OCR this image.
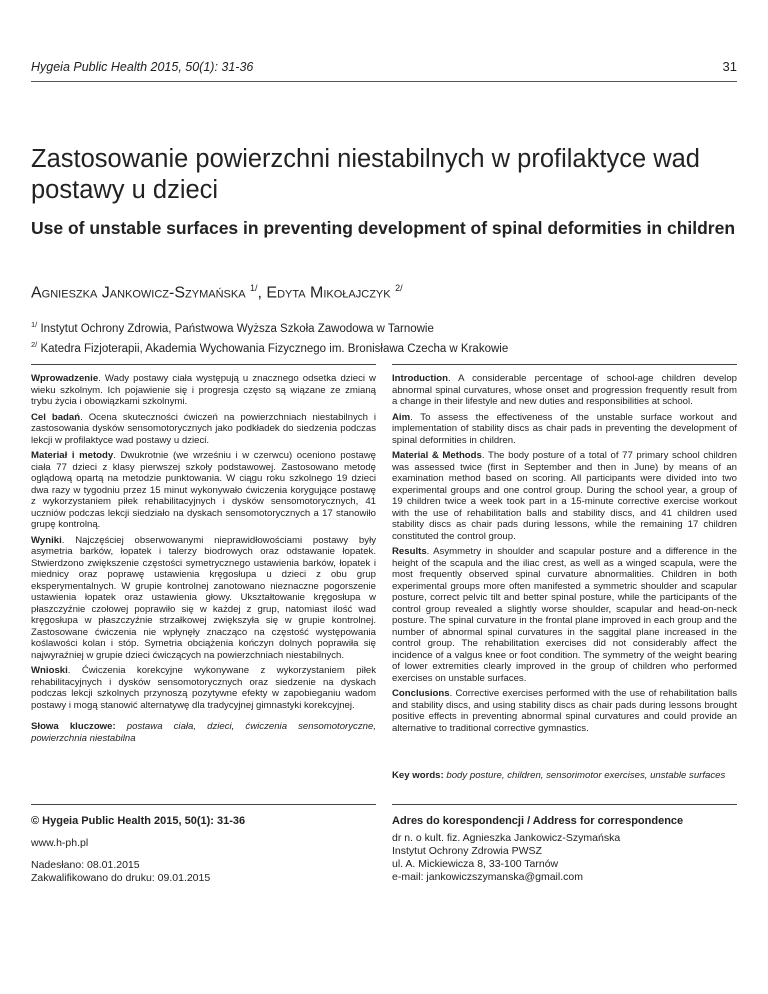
Hygeia Public Health 2015, 50(1): 31-36	31
Zastosowanie powierzchni niestabilnych w profilaktyce wad postawy u dzieci
Use of unstable surfaces in preventing development of spinal deformities in children
Agnieszka Jankowicz-Szymańska $^{1/}$, Edyta Mikołajczyk $^{2/}$
$^{1/}$ Instytut Ochrony Zdrowia, Państwowa Wyższa Szkoła Zawodowa w Tarnowie
$^{2/}$ Katedra Fizjoterapii, Akademia Wychowania Fizycznego im. Bronisława Czecha w Krakowie

Wprowadzenie. Wady postawy ciała występują u znacznego odsetka dzieci w wieku szkolnym. Ich pojawienie się i progresja często są wiązane ze zmianą trybu życia i obowiązkami szkolnymi.

Cel badań. Ocena skuteczności ćwiczeń na powierzchniach niestabilnych i zastosowania dysków sensomotorycznych jako podkładek do siedzenia podczas lekcji w profilaktyce wad postawy u dzieci.

Materiał i metody. Dwukrotnie (we wrześniu i w czerwcu) oceniono postawę ciała 77 dzieci z klasy pierwszej szkoły podstawowej. Zastosowano metodę oglądową opartą na metodzie punktowania. W ciągu roku szkolnego 19 dzieci dwa razy w tygodniu przez 15 minut wykonywało ćwiczenia korygujące postawę z wykorzystaniem piłek rehabilitacyjnych i dysków sensomotorycznych, 41 uczniów podczas lekcji siedziało na dyskach sensomotorycznych a 17 stanowiło grupę kontrolną.

Wyniki. Najczęściej obserwowanymi nieprawidłowościami postawy były asymetria barków, łopatek i talerzy biodrowych oraz odstawanie łopatek. Stwierdzono zwiększenie częstości symetrycznego ustawienia barków, łopatek i miednicy oraz poprawę ustawienia kręgosłupa u dzieci z obu grup eksperymentalnych. W grupie kontrolnej zanotowano nieznaczne pogorszenie ustawienia łopatek oraz ustawienia głowy. Ukształtowanie kręgosłupa w płaszczyźnie czołowej poprawiło się w każdej z grup, natomiast ilość wad kręgosłupa w płaszczyźnie strzałkowej zwiększyła się w grupie kontrolnej. Zastosowane ćwiczenia nie wpłynęły znacząco na częstość występowania koślawości kolan i stóp. Symetria obciążenia kończyn dolnych poprawiła się najwyraźniej w grupie dzieci ćwiczących na powierzchniach niestabilnych.

Wnioski. Ćwiczenia korekcyjne wykonywane z wykorzystaniem piłek rehabilitacyjnych i dysków sensomotorycznych oraz siedzenie na dyskach podczas lekcji szkolnych przynoszą pozytywne efekty w zapobieganiu wadom postawy i mogą stanowić alternatywę dla tradycyjnej gimnastyki korekcyjnej.

Słowa kluczowe: postawa ciała, dzieci, ćwiczenia sensomotoryczne, powierzchnia niestabilna

Introduction. A considerable percentage of school-age children develop abnormal spinal curvatures, whose onset and progression frequently result from a change in their lifestyle and new duties and responsibilities at school.

Aim. To assess the effectiveness of the unstable surface workout and implementation of stability discs as chair pads in preventing the development of spinal deformities in children.

Material & Methods. The body posture of a total of 77 primary school children was assessed twice (first in September and then in June) by means of an examination method based on scoring. All participants were divided into two experimental groups and one control group. During the school year, a group of 19 children twice a week took part in a 15-minute corrective exercise workout with the use of rehabilitation balls and stability discs, and 41 children used stability discs as chair pads during lessons, while the remaining 17 children constituted the control group.

Results. Asymmetry in shoulder and scapular posture and a difference in the height of the scapula and the iliac crest, as well as a winged scapula, were the most frequently observed spinal curvature abnormalities. Children in both experimental groups more often manifested a symmetric shoulder and scapular posture, correct pelvic tilt and better spinal posture, while the participants of the control group revealed a slightly worse shoulder, scapular and head-on-neck posture. The spinal curvature in the frontal plane improved in each group and the number of abnormal spinal curvatures in the saggital plane increased in the control group. The rehabilitation exercises did not considerably affect the incidence of a valgus knee or foot condition. The symmetry of the weight bearing of lower extremities clearly improved in the group of children who performed exercises on unstable surfaces.

Conclusions. Corrective exercises performed with the use of rehabilitation balls and stability discs, and using stability discs as chair pads during lessons brought positive effects in preventing abnormal spinal curvatures and could provide an alternative to traditional corrective gymnastics.

Key words: body posture, children, sensorimotor exercises, unstable surfaces
© Hygeia Public Health 2015, 50(1): 31-36
www.h-ph.pl
Nadesłano: 08.01.2015
Zakwalifikowano do druku: 09.01.2015
Adres do korespondencji / Address for correspondence
dr n. o kult. fiz. Agnieszka Jankowicz-Szymańska
Instytut Ochrony Zdrowia PWSZ
ul. A. Mickiewicza 8, 33-100 Tarnów
e-mail: jankowiczszymanska@gmail.com
